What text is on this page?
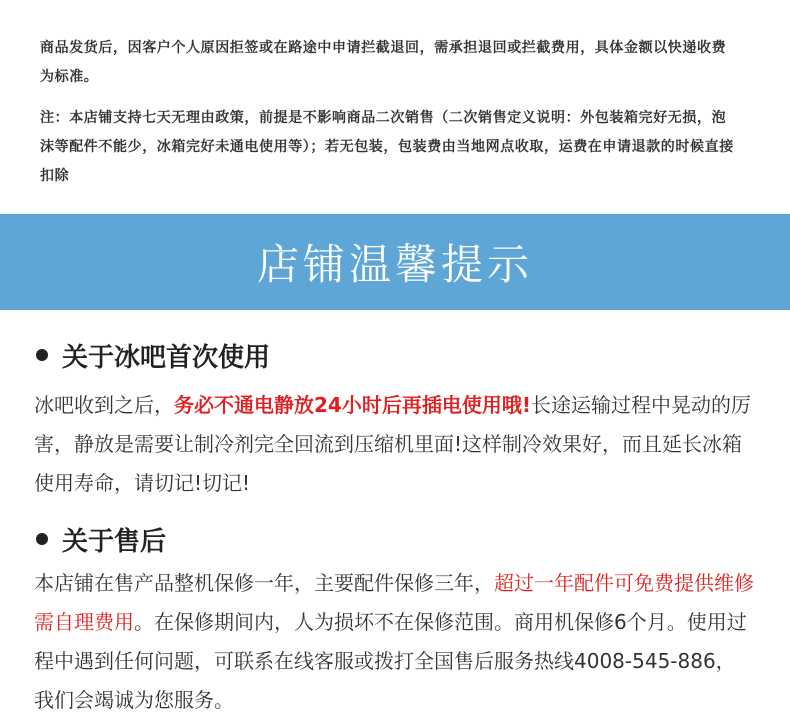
商品发货后，因客户个人原因拒签或在路途中申请拦截退回，需承担退回或拦截费用，具体金额以快递收费为标准。

注：本店铺支持七天无理由政策，前提是不影响商品二次销售（二次销售定义说明：外包装箱完好无损，泡沫等配件不能少，冰箱完好未通电使用等）；若无包装，包装费由当地网点收取，运费在申请退款的时候直接扣除

店铺温馨提示
关于冰吧首次使用
冰吧收到之后，务必不通电静放24小时后再插电使用哦!长途运输过程中晃动的厉害，静放是需要让制冷剂完全回流到压缩机里面!这样制冷效果好，而且延长冰箱使用寿命，请切记!切记!
关于售后
本店铺在售产品整机保修一年，主要配件保修三年，超过一年配件可免费提供维修需自理费用。在保修期间内，人为损坏不在保修范围。商用机保修6个月。使用过程中遇到任何问题，可联系在线客服或拨打全国售后服务热线4008-545-886，我们会竭诚为您服务。
